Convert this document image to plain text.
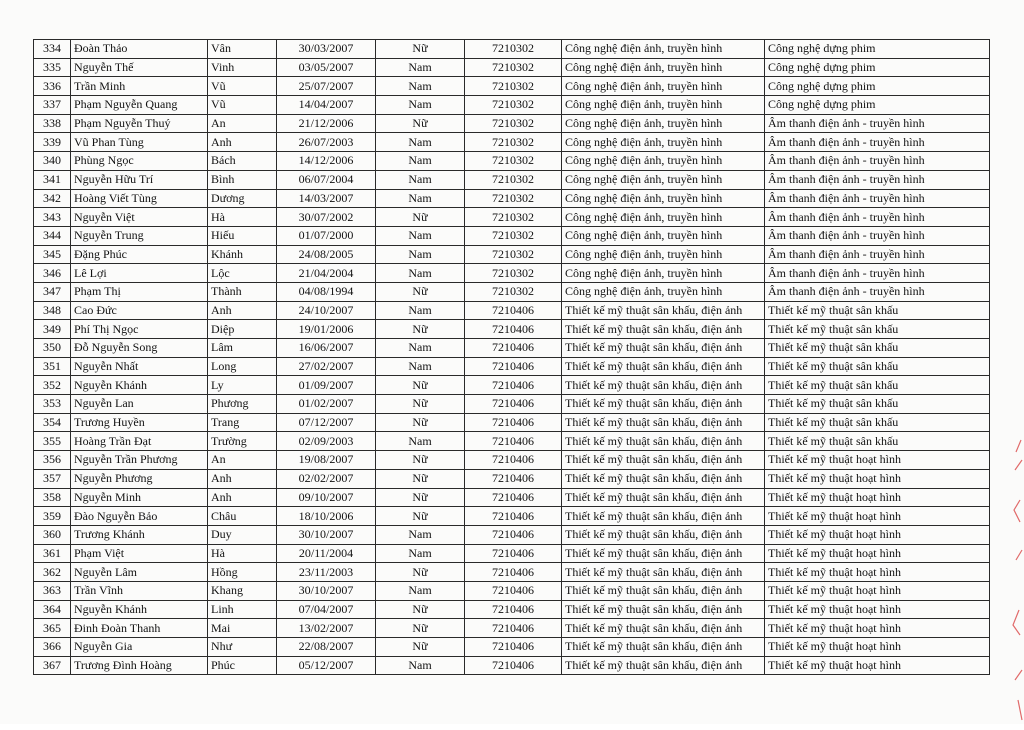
334	Đoàn Thảo	Vân	30/03/2007	Nữ	7210302	Công nghệ điện ảnh, truyền hình	Công nghệ dựng phim
335	Nguyễn Thế	Vinh	03/05/2007	Nam	7210302	Công nghệ điện ảnh, truyền hình	Công nghệ dựng phim
336	Trần Minh	Vũ	25/07/2007	Nam	7210302	Công nghệ điện ảnh, truyền hình	Công nghệ dựng phim
337	Phạm Nguyễn Quang	Vũ	14/04/2007	Nam	7210302	Công nghệ điện ảnh, truyền hình	Công nghệ dựng phim
338	Phạm Nguyễn Thuý	An	21/12/2006	Nữ	7210302	Công nghệ điện ảnh, truyền hình	Âm thanh điện ảnh - truyền hình
339	Vũ Phan Tùng	Anh	26/07/2003	Nam	7210302	Công nghệ điện ảnh, truyền hình	Âm thanh điện ảnh - truyền hình
340	Phùng Ngọc	Bách	14/12/2006	Nam	7210302	Công nghệ điện ảnh, truyền hình	Âm thanh điện ảnh - truyền hình
341	Nguyễn Hữu Trí	Bình	06/07/2004	Nam	7210302	Công nghệ điện ảnh, truyền hình	Âm thanh điện ảnh - truyền hình
342	Hoàng Viết Tùng	Dương	14/03/2007	Nam	7210302	Công nghệ điện ảnh, truyền hình	Âm thanh điện ảnh - truyền hình
343	Nguyễn Việt	Hà	30/07/2002	Nữ	7210302	Công nghệ điện ảnh, truyền hình	Âm thanh điện ảnh - truyền hình
344	Nguyễn Trung	Hiếu	01/07/2000	Nam	7210302	Công nghệ điện ảnh, truyền hình	Âm thanh điện ảnh - truyền hình
345	Đặng Phúc	Khánh	24/08/2005	Nam	7210302	Công nghệ điện ảnh, truyền hình	Âm thanh điện ảnh - truyền hình
346	Lê Lợi	Lộc	21/04/2004	Nam	7210302	Công nghệ điện ảnh, truyền hình	Âm thanh điện ảnh - truyền hình
347	Phạm Thị	Thành	04/08/1994	Nữ	7210302	Công nghệ điện ảnh, truyền hình	Âm thanh điện ảnh - truyền hình
348	Cao Đức	Anh	24/10/2007	Nam	7210406	Thiết kế mỹ thuật sân khấu, điện ảnh	Thiết kế mỹ thuật sân khấu
349	Phí Thị Ngọc	Diệp	19/01/2006	Nữ	7210406	Thiết kế mỹ thuật sân khấu, điện ảnh	Thiết kế mỹ thuật sân khấu
350	Đỗ Nguyễn Song	Lâm	16/06/2007	Nam	7210406	Thiết kế mỹ thuật sân khấu, điện ảnh	Thiết kế mỹ thuật sân khấu
351	Nguyễn Nhất	Long	27/02/2007	Nam	7210406	Thiết kế mỹ thuật sân khấu, điện ảnh	Thiết kế mỹ thuật sân khấu
352	Nguyễn Khánh	Ly	01/09/2007	Nữ	7210406	Thiết kế mỹ thuật sân khấu, điện ảnh	Thiết kế mỹ thuật sân khấu
353	Nguyễn Lan	Phương	01/02/2007	Nữ	7210406	Thiết kế mỹ thuật sân khấu, điện ảnh	Thiết kế mỹ thuật sân khấu
354	Trương Huyền	Trang	07/12/2007	Nữ	7210406	Thiết kế mỹ thuật sân khấu, điện ảnh	Thiết kế mỹ thuật sân khấu
355	Hoàng Trần Đạt	Trường	02/09/2003	Nam	7210406	Thiết kế mỹ thuật sân khấu, điện ảnh	Thiết kế mỹ thuật sân khấu
356	Nguyễn Trần Phương	An	19/08/2007	Nữ	7210406	Thiết kế mỹ thuật sân khấu, điện ảnh	Thiết kế mỹ thuật hoạt hình
357	Nguyễn Phương	Anh	02/02/2007	Nữ	7210406	Thiết kế mỹ thuật sân khấu, điện ảnh	Thiết kế mỹ thuật hoạt hình
358	Nguyễn Minh	Anh	09/10/2007	Nữ	7210406	Thiết kế mỹ thuật sân khấu, điện ảnh	Thiết kế mỹ thuật hoạt hình
359	Đào Nguyễn Bảo	Châu	18/10/2006	Nữ	7210406	Thiết kế mỹ thuật sân khấu, điện ảnh	Thiết kế mỹ thuật hoạt hình
360	Trương Khánh	Duy	30/10/2007	Nam	7210406	Thiết kế mỹ thuật sân khấu, điện ảnh	Thiết kế mỹ thuật hoạt hình
361	Phạm Việt	Hà	20/11/2004	Nam	7210406	Thiết kế mỹ thuật sân khấu, điện ảnh	Thiết kế mỹ thuật hoạt hình
362	Nguyễn Lâm	Hồng	23/11/2003	Nữ	7210406	Thiết kế mỹ thuật sân khấu, điện ảnh	Thiết kế mỹ thuật hoạt hình
363	Trần Vĩnh	Khang	30/10/2007	Nam	7210406	Thiết kế mỹ thuật sân khấu, điện ảnh	Thiết kế mỹ thuật hoạt hình
364	Nguyễn Khánh	Linh	07/04/2007	Nữ	7210406	Thiết kế mỹ thuật sân khấu, điện ảnh	Thiết kế mỹ thuật hoạt hình
365	Đinh Đoàn Thanh	Mai	13/02/2007	Nữ	7210406	Thiết kế mỹ thuật sân khấu, điện ảnh	Thiết kế mỹ thuật hoạt hình
366	Nguyễn Gia	Như	22/08/2007	Nữ	7210406	Thiết kế mỹ thuật sân khấu, điện ảnh	Thiết kế mỹ thuật hoạt hình
367	Trương Đình Hoàng	Phúc	05/12/2007	Nam	7210406	Thiết kế mỹ thuật sân khấu, điện ảnh	Thiết kế mỹ thuật hoạt hình
